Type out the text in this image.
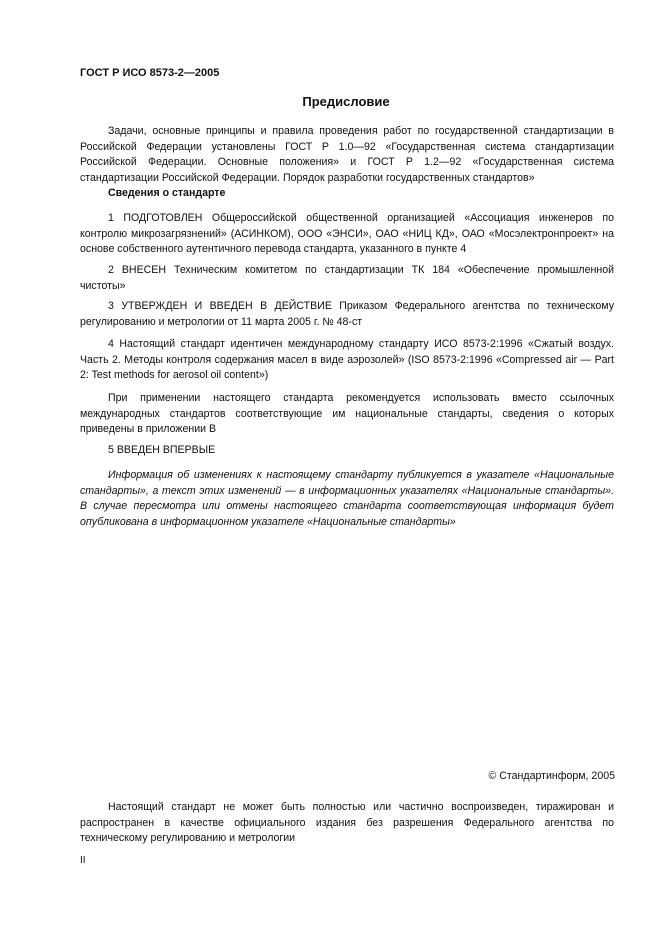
ГОСТ Р ИСО 8573-2—2005
Предисловие

Задачи, основные принципы и правила проведения работ по государственной стандартизации в Российской Федерации установлены ГОСТ Р 1.0—92 «Государственная система стандартизации Российской Федерации. Основные положения» и ГОСТ Р 1.2—92 «Государственная система стандартизации Российской Федерации. Порядок разработки государственных стандартов»

Сведения о стандарте

1 ПОДГОТОВЛЕН Общероссийской общественной организацией «Ассоциация инженеров по контролю микрозагрязнений» (АСИНКОМ), ООО «ЭНСИ», ОАО «НИЦ КД», ОАО «Мосэлектронпроект» на основе собственного аутентичного перевода стандарта, указанного в пункте 4

2 ВНЕСЕН Техническим комитетом по стандартизации ТК 184 «Обеспечение промышленной чистоты»

3 УТВЕРЖДЕН И ВВЕДЕН В ДЕЙСТВИЕ Приказом Федерального агентства по техническому регулированию и метрологии от 11 марта 2005 г. № 48-ст

4 Настоящий стандарт идентичен международному стандарту ИСО 8573-2:1996 «Сжатый воздух. Часть 2. Методы контроля содержания масел в виде аэрозолей» (ISO 8573-2:1996 «Compressed air — Part 2: Test methods for aerosol oil content»)

При применении настоящего стандарта рекомендуется использовать вместо ссылочных международных стандартов соответствующие им национальные стандарты, сведения о которых приведены в приложении В

5 ВВЕДЕН ВПЕРВЫЕ

Информация об изменениях к настоящему стандарту публикуется в указателе «Национальные стандарты», а текст этих изменений — в информационных указателях «Национальные стандарты». В случае пересмотра или отмены настоящего стандарта соответствующая информация будет опубликована в информационном указателе «Национальные стандарты»

© Стандартинформ, 2005

Настоящий стандарт не может быть полностью или частично воспроизведен, тиражирован и распространен в качестве официального издания без разрешения Федерального агентства по техническому регулированию и метрологии

II
